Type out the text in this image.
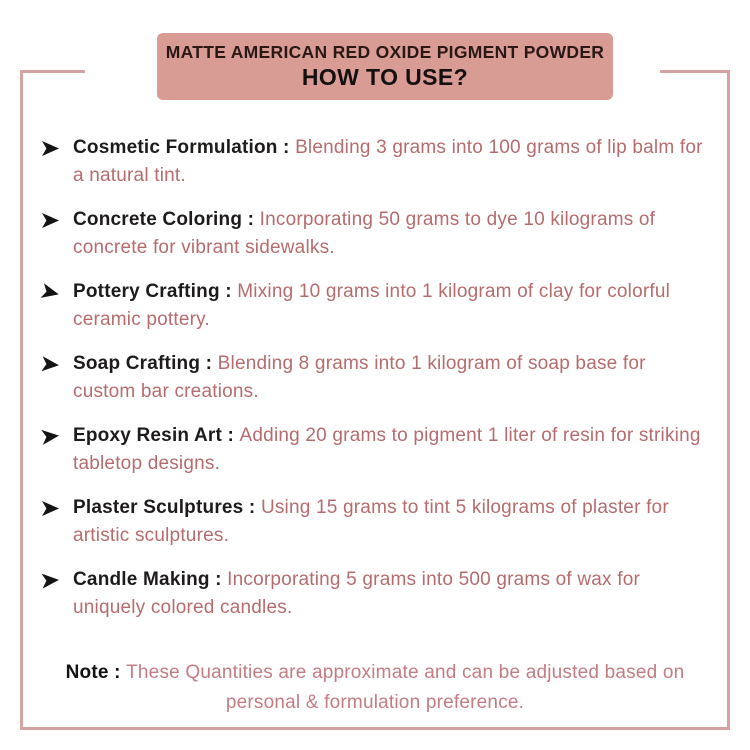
MATTE AMERICAN RED OXIDE PIGMENT POWDER
HOW TO USE?

Cosmetic Formulation : Blending 3 grams into 100 grams of lip balm for a natural tint.

Concrete Coloring : Incorporating 50 grams to dye 10 kilograms of concrete for vibrant sidewalks.

Pottery Crafting : Mixing 10 grams into 1 kilogram of clay for colorful ceramic pottery.

Soap Crafting : Blending 8 grams into 1 kilogram of soap base for custom bar creations.

Epoxy Resin Art : Adding 20 grams to pigment 1 liter of resin for striking tabletop designs.

Plaster Sculptures : Using 15 grams to tint 5 kilograms of plaster for artistic sculptures.

Candle Making : Incorporating 5 grams into 500 grams of wax for uniquely colored candles.

Note : These Quantities are approximate and can be adjusted based on personal & formulation preference.
